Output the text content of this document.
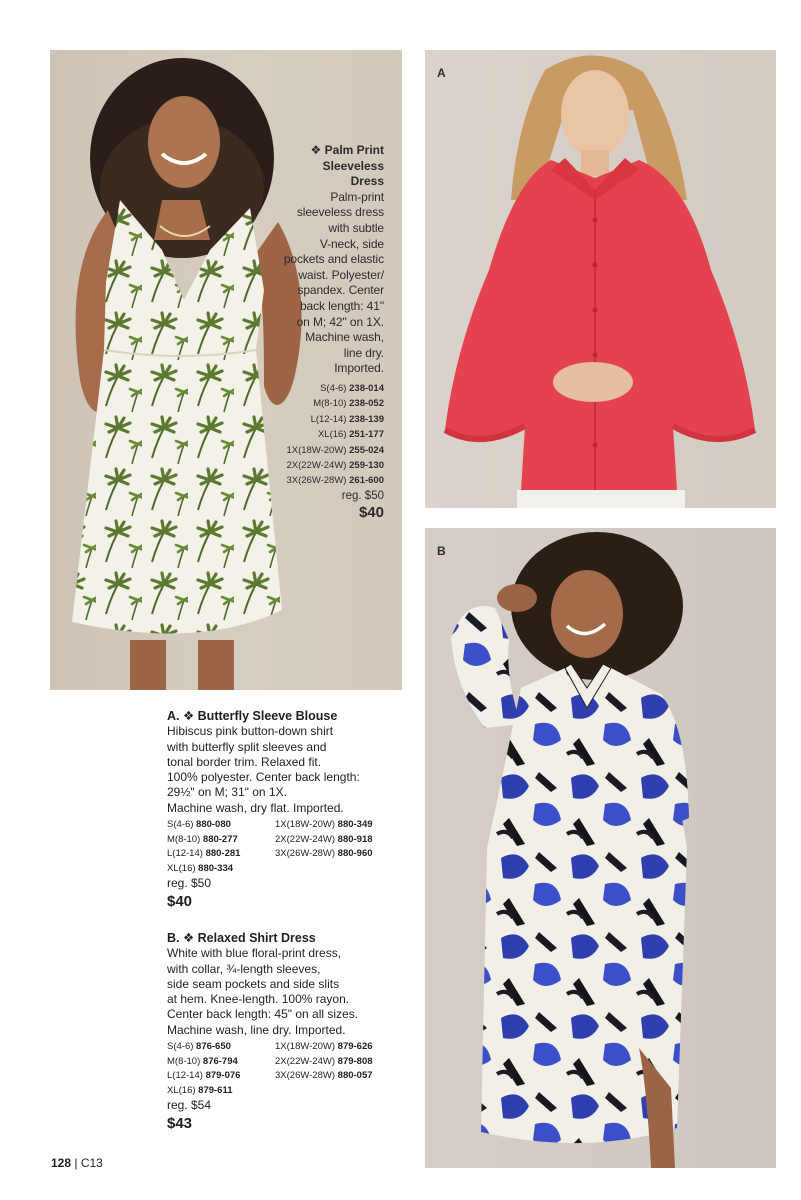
❖ Palm Print
Sleeveless
Dress
Palm-print
sleeveless dress
with subtle
V-neck, side
pockets and elastic
waist. Polyester/
spandex. Center
back length: 41"
on M; 42" on 1X.
Machine wash,
line dry.
Imported.
S(4-6) 238-014
M(8-10) 238-052
L(12-14) 238-139
XL(16) 251-177
1X(18W-20W) 255-024
2X(22W-24W) 259-130
3X(26W-28W) 261-600
reg. $50
$40
A
B
A. ❖ Butterfly Sleeve Blouse
Hibiscus pink button-down shirt
with butterfly split sleeves and
tonal border trim. Relaxed fit.
100% polyester. Center back length:
29½" on M; 31" on 1X.
Machine wash, dry flat. Imported.
S(4-6) 880-080	1X(18W-20W) 880-349
M(8-10) 880-277	2X(22W-24W) 880-918
L(12-14) 880-281	3X(26W-28W) 880-960
XL(16) 880-334
reg. $50
$40
B. ❖ Relaxed Shirt Dress
White with blue floral-print dress,
with collar, ¾-length sleeves,
side seam pockets and side slits
at hem. Knee-length. 100% rayon.
Center back length: 45" on all sizes.
Machine wash, line dry. Imported.
S(4-6) 876-650	1X(18W-20W) 879-626
M(8-10) 876-794	2X(22W-24W) 879-808
L(12-14) 879-076	3X(26W-28W) 880-057
XL(16) 879-611
reg. $54
$43
128 | C13
